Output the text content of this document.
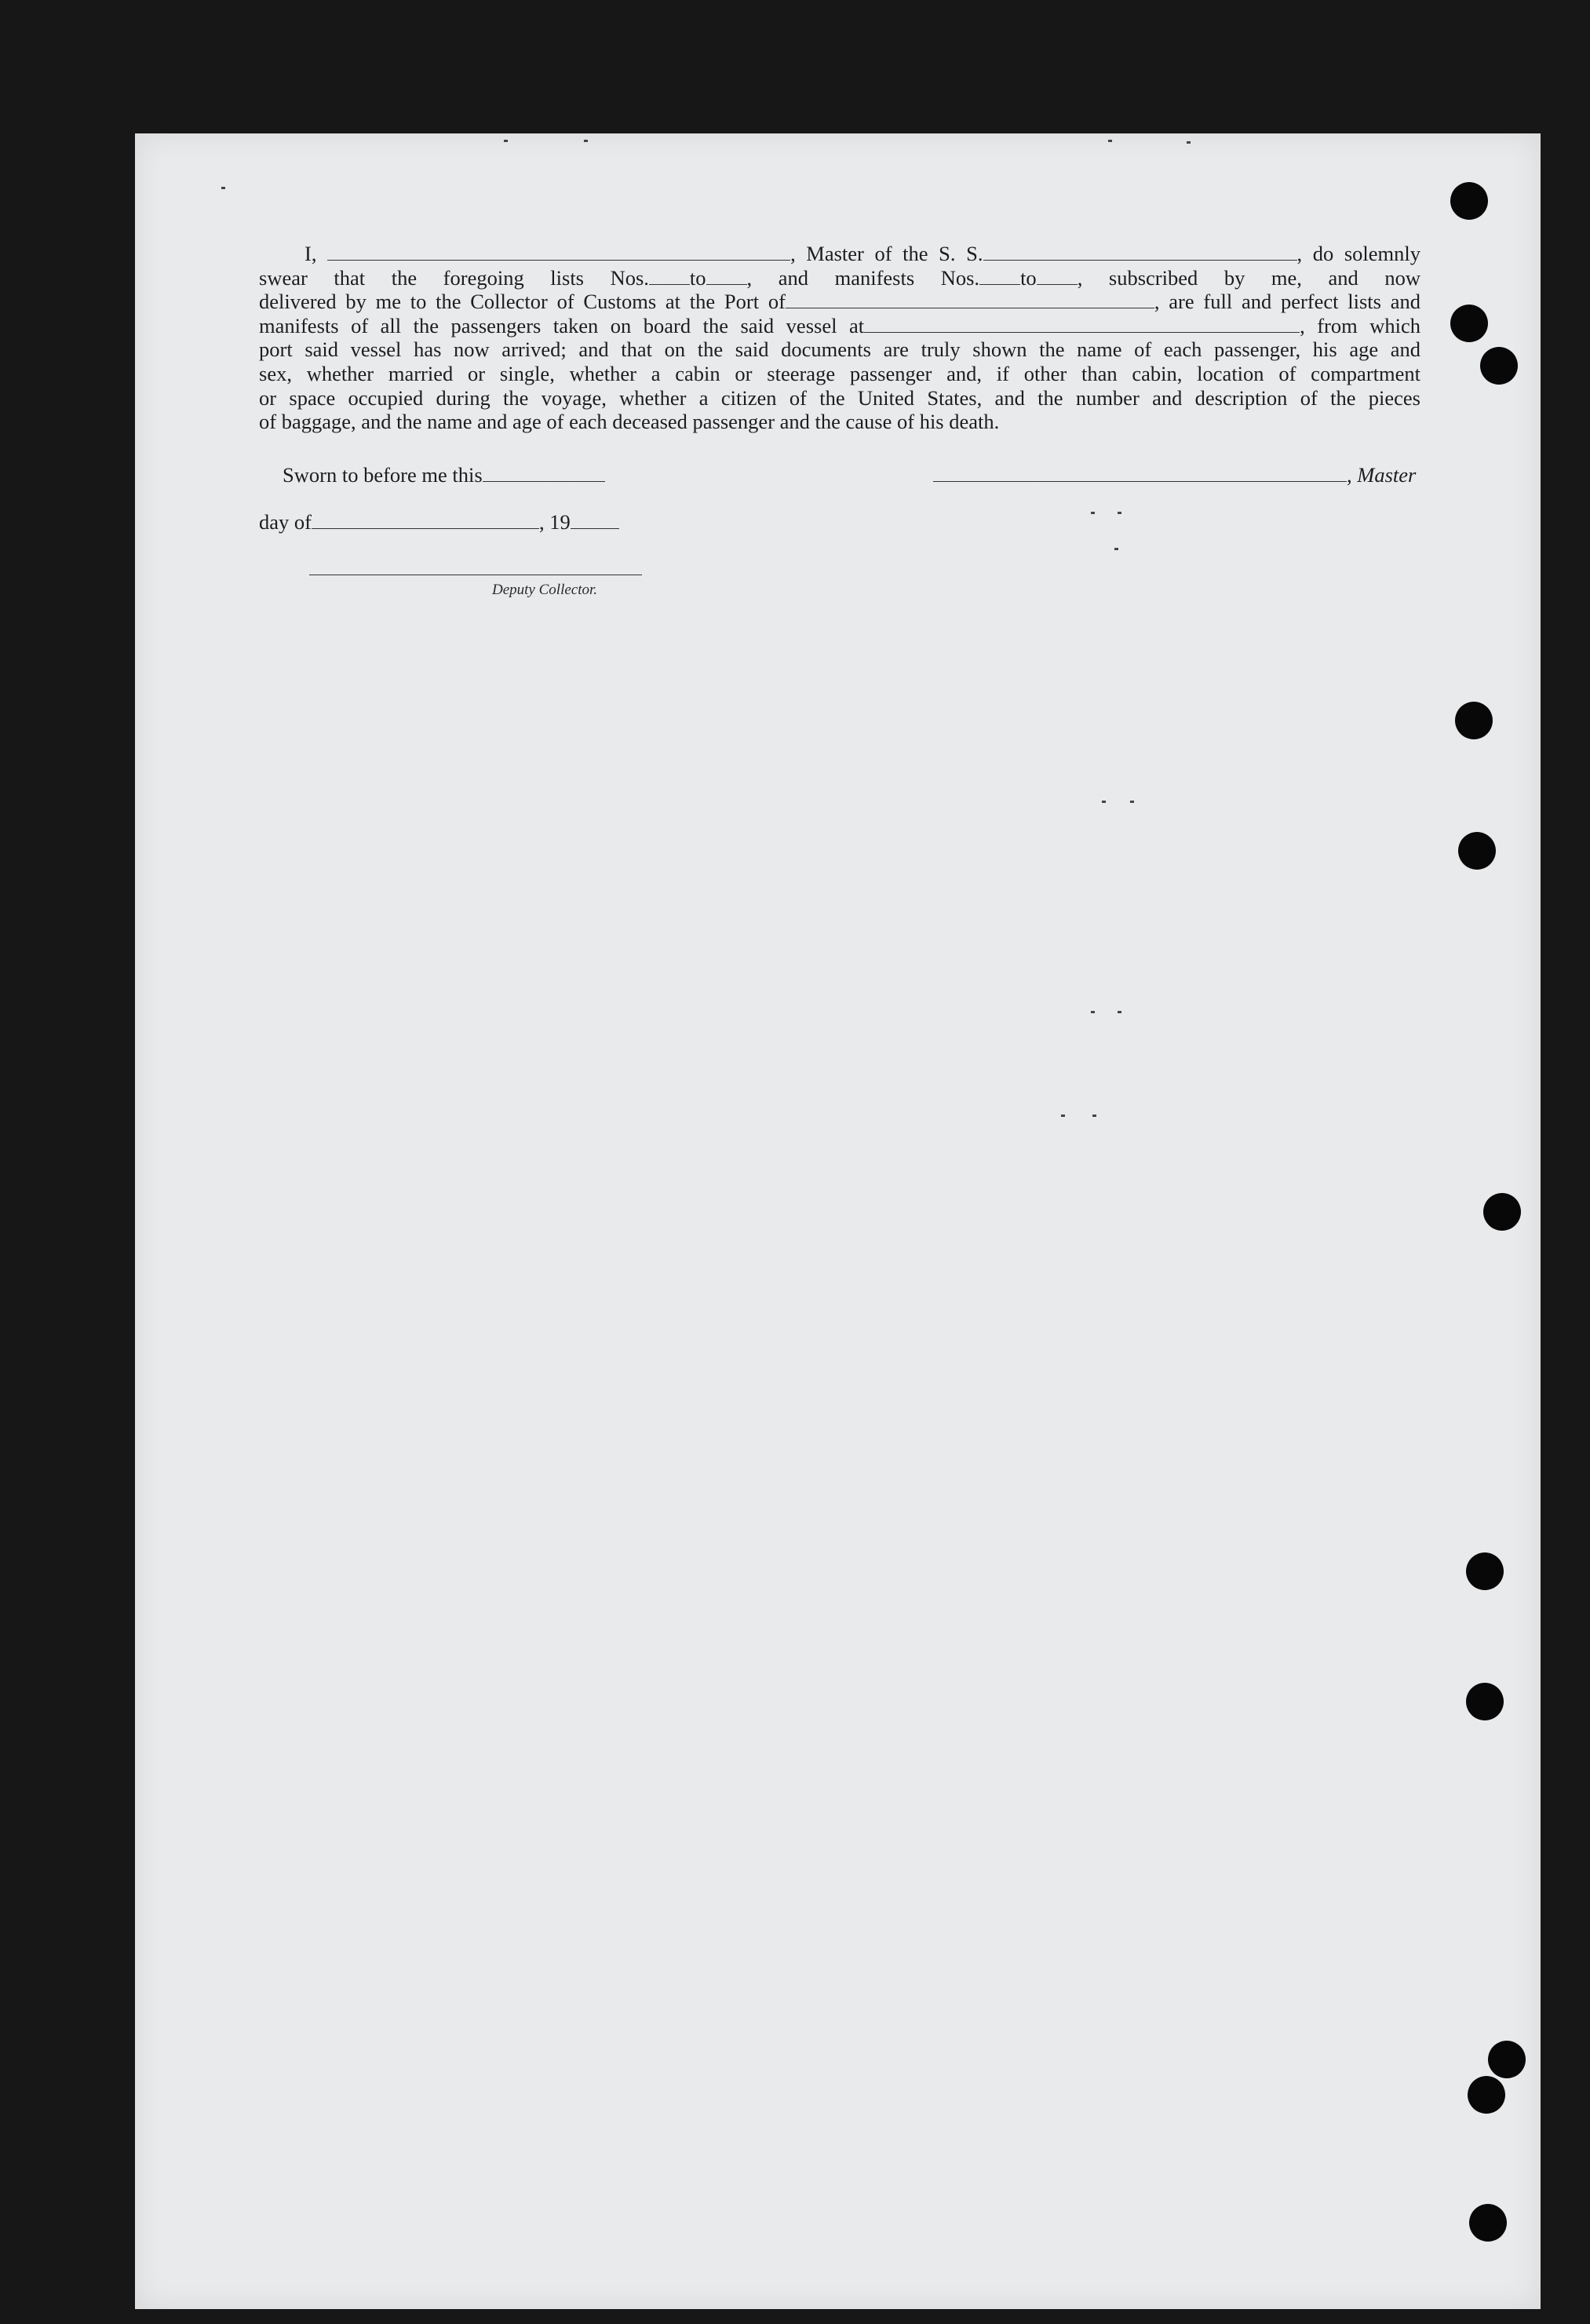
I,	, Master of the S. S.	, do solemnly
swear that the foregoing lists Nos. to , and manifests Nos. to , subscribed by me, and now
delivered by me to the Collector of Customs at the Port of	, are full and perfect lists and
manifests of all the passengers taken on board the said vessel at	, from which
port said vessel has now arrived; and that on the said documents are truly shown the name of each passenger, his age and
sex, whether married or single, whether a cabin or steerage passenger and, if other than cabin, location of compartment
or space occupied during the voyage, whether a citizen of the United States, and the number and description of the pieces
of baggage, and the name and age of each deceased passenger and the cause of his death.
Sworn to before me this
day of	, 19
Deputy Collector.
, Master
